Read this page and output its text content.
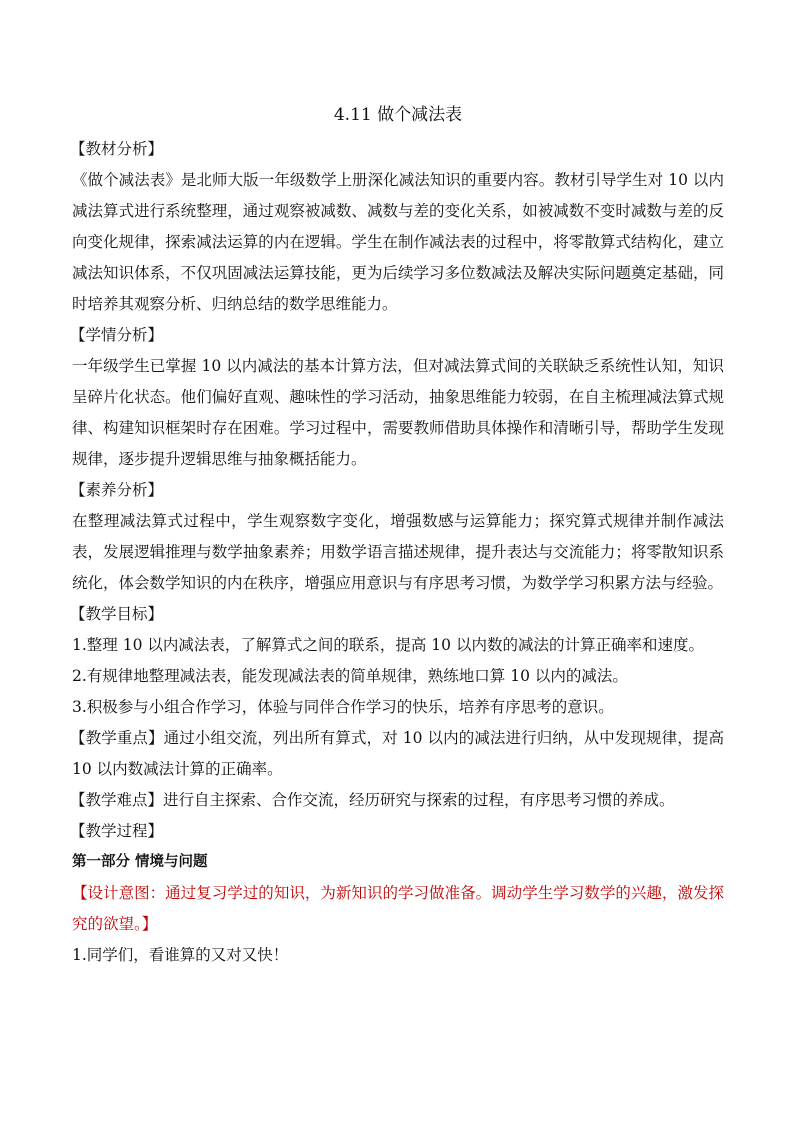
4.11 做个减法表

【教材分析】

《做个减法表》是北师大版一年级数学上册深化减法知识的重要内容。教材引导学生对 10 以内减法算式进行系统整理，通过观察被减数、减数与差的变化关系，如被减数不变时减数与差的反向变化规律，探索减法运算的内在逻辑。学生在制作减法表的过程中，将零散算式结构化，建立减法知识体系，不仅巩固减法运算技能，更为后续学习多位数减法及解决实际问题奠定基础，同时培养其观察分析、归纳总结的数学思维能力。

【学情分析】

一年级学生已掌握 10 以内减法的基本计算方法，但对减法算式间的关联缺乏系统性认知，知识呈碎片化状态。他们偏好直观、趣味性的学习活动，抽象思维能力较弱，在自主梳理减法算式规律、构建知识框架时存在困难。学习过程中，需要教师借助具体操作和清晰引导，帮助学生发现规律，逐步提升逻辑思维与抽象概括能力。

【素养分析】

在整理减法算式过程中，学生观察数字变化，增强数感与运算能力；探究算式规律并制作减法表，发展逻辑推理与数学抽象素养；用数学语言描述规律，提升表达与交流能力；将零散知识系统化，体会数学知识的内在秩序，增强应用意识与有序思考习惯，为数学学习积累方法与经验。

【教学目标】

1.整理 10 以内减法表，了解算式之间的联系，提高 10 以内数的减法的计算正确率和速度。

2.有规律地整理减法表，能发现减法表的简单规律，熟练地口算 10 以内的减法。

3.积极参与小组合作学习，体验与同伴合作学习的快乐，培养有序思考的意识。

【教学重点】通过小组交流，列出所有算式，对 10 以内的减法进行归纳，从中发现规律，提高 10 以内数减法计算的正确率。

【教学难点】进行自主探索、合作交流，经历研究与探索的过程，有序思考习惯的养成。

【教学过程】

第一部分 情境与问题

【设计意图：通过复习学过的知识，为新知识的学习做准备。调动学生学习数学的兴趣，激发探究的欲望。】

1.同学们，看谁算的又对又快！
